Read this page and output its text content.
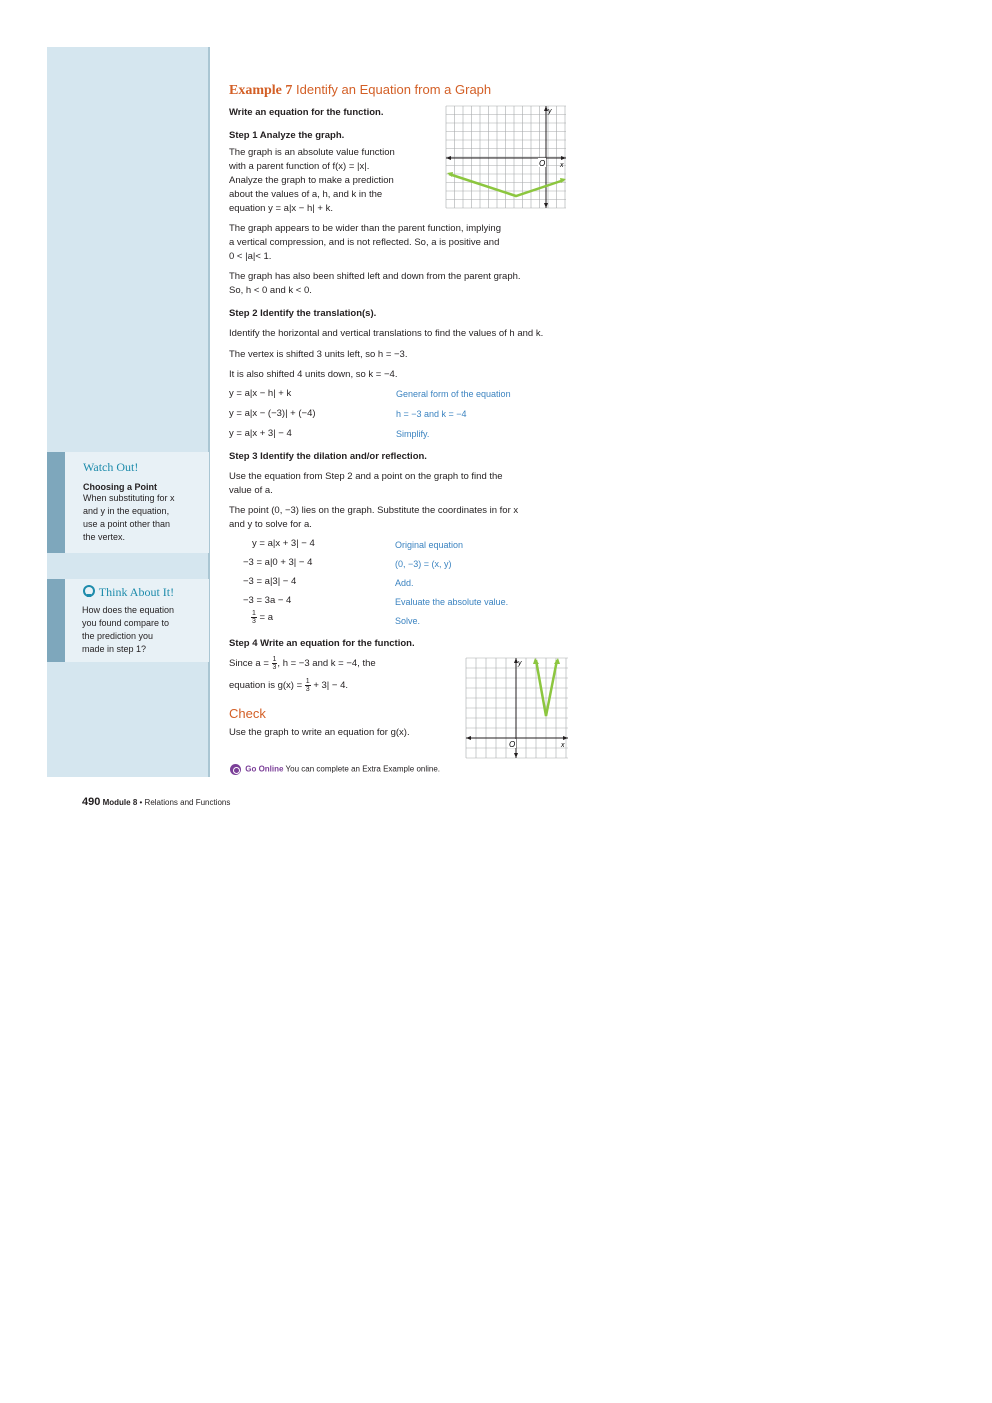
Watch Out!
Choosing a Point
When substituting for x
and y in the equation,
use a point other than
the vertex.
Think About It!
How does the equation
you found compare to
the prediction you
made in step 1?
Example 7 Identify an Equation from a Graph
Write an equation for the function.
Step 1 Analyze the graph.
The graph is an absolute value function
with a parent function of f(x) = |x|.
Analyze the graph to make a prediction
about the values of a, h, and k in the
equation y = a|x − h| + k.
The graph appears to be wider than the parent function, implying
a vertical compression, and is not reflected. So, a is positive and
0 < |a|< 1.
The graph has also been shifted left and down from the parent graph.
So, h < 0 and k < 0.
O x
y
Step 2 Identify the translation(s).
Identify the horizontal and vertical translations to find the values of h and k.
The vertex is shifted 3 units left, so h = −3.
It is also shifted 4 units down, so k = −4.
y = a|x − h| + k	General form of the equation
y = a|x − (−3)| + (−4)	h = −3 and k = −4
y = a|x + 3| − 4	Simplify.
Step 3 Identify the dilation and/or reflection.
Use the equation from Step 2 and a point on the graph to find the
value of a.
The point (0, −3) lies on the graph. Substitute the coordinates in for x
and y to solve for a.
y = a|x + 3| − 4	Original equation
−3 = a|0 + 3| − 4	(0, −3) = (x, y)
−3 = a|3| − 4	Add.
−3 = 3a − 4	Evaluate the absolute value.
$\frac{1}{3} = a$	Solve.
Step 4 Write an equation for the function.
Since $a = \frac{1}{3}$ , h = −3 and k = −4, the
equation is $g(x) = \frac{1}{3} + 3| - 4$.
O	x
y
Check
Use the graph to write an equation for g(x).
Go Online You can complete an Extra Example online.
490 Module 8 • Relations and Functions
